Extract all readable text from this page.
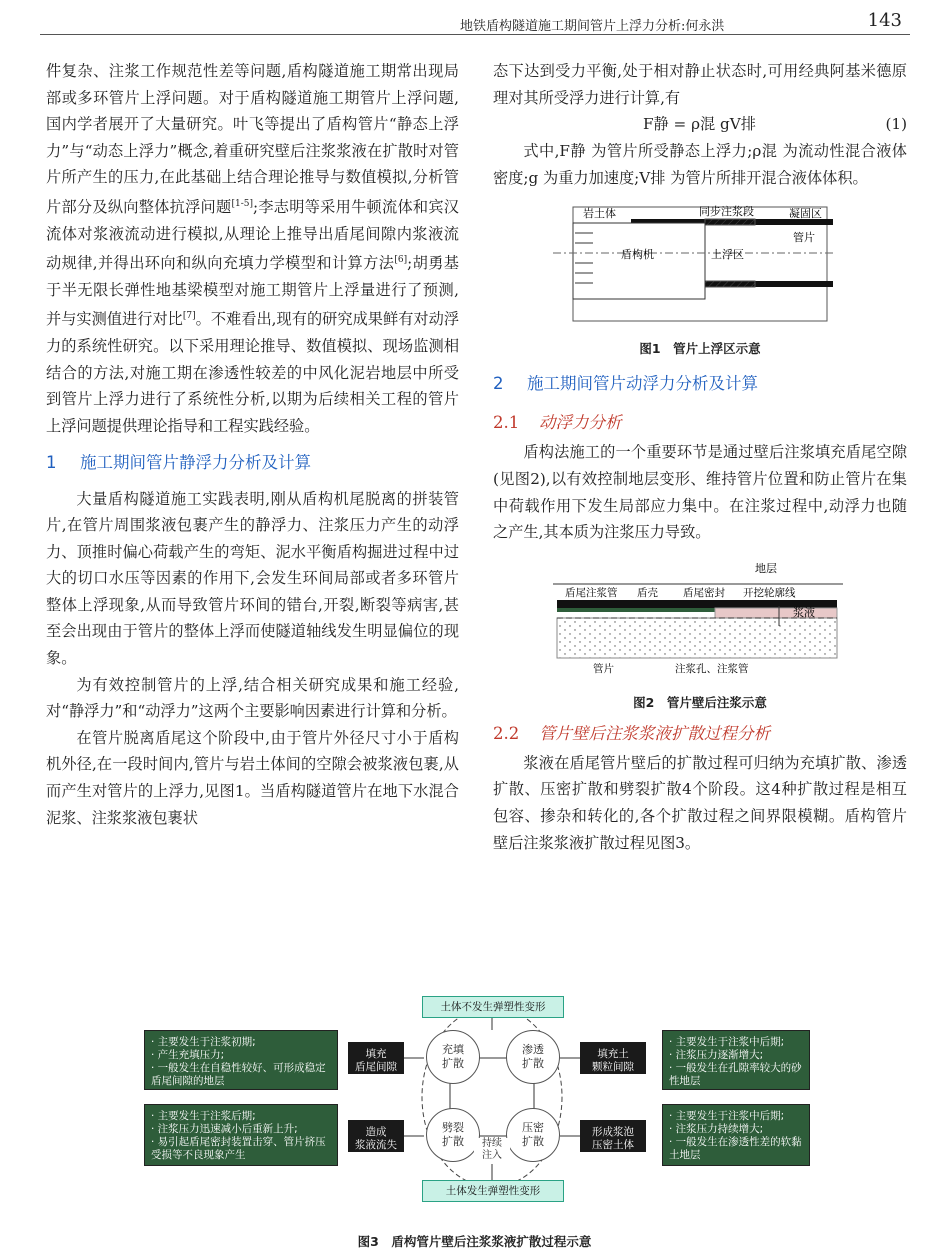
地铁盾构隧道施工期间管片上浮力分析:何永洪	143

件复杂、注浆工作规范性差等问题,盾构隧道施工期常出现局部或多环管片上浮问题。对于盾构隧道施工期管片上浮问题,国内学者展开了大量研究。叶飞等提出了盾构管片“静态上浮力”与“动态上浮力”概念,着重研究壁后注浆浆液在扩散时对管片所产生的压力,在此基础上结合理论推导与数值模拟,分析管片部分及纵向整体抗浮问题[1-5];李志明等采用牛顿流体和宾汉流体对浆液流动进行模拟,从理论上推导出盾尾间隙内浆液流动规律,并得出环向和纵向充填力学模型和计算方法[6];胡勇基于半无限长弹性地基梁模型对施工期管片上浮量进行了预测,并与实测值进行对比[7]。不难看出,现有的研究成果鲜有对动浮力的系统性研究。以下采用理论推导、数值模拟、现场监测相结合的方法,对施工期在渗透性较差的中风化泥岩地层中所受到管片上浮力进行了系统性分析,以期为后续相关工程的管片上浮问题提供理论指导和工程实践经验。

1 施工期间管片静浮力分析及计算

大量盾构隧道施工实践表明,刚从盾构机尾脱离的拼装管片,在管片周围浆液包裹产生的静浮力、注浆压力产生的动浮力、顶推时偏心荷载产生的弯矩、泥水平衡盾构掘进过程中过大的切口水压等因素的作用下,会发生环间局部或者多环管片整体上浮现象,从而导致管片环间的错台,开裂,断裂等病害,甚至会出现由于管片的整体上浮而使隧道轴线发生明显偏位的现象。

为有效控制管片的上浮,结合相关研究成果和施工经验,对“静浮力”和“动浮力”这两个主要影响因素进行计算和分析。

在管片脱离盾尾这个阶段中,由于管片外径尺寸小于盾构机外径,在一段时间内,管片与岩土体间的空隙会被浆液包裹,从而产生对管片的上浮力,见图1。当盾构隧道管片在地下水混合泥浆、注浆浆液包裹状

态下达到受力平衡,处于相对静止状态时,可用经典阿基米德原理对其所受浮力进行计算,有

F静 = ρ混 gV排	(1)

式中,F静 为管片所受静态上浮力;ρ混 为流动性混合液体密度;g 为重力加速度;V排 为管片所排开混合液体体积。

岩土体	同步注浆段	凝固区
管片
盾构机	上浮区
图1　管片上浮区示意
2 施工期间管片动浮力分析及计算
2.1 动浮力分析

盾构法施工的一个重要环节是通过壁后注浆填充盾尾空隙(见图2),以有效控制地层变形、维持管片位置和防止管片在集中荷载作用下发生局部应力集中。在注浆过程中,动浮力也随之产生,其本质为注浆压力导致。

地层
盾尾注浆管 盾壳 盾尾密封 开挖轮廓线
浆液
管片	注浆孔、注浆管
图2　管片壁后注浆示意
2.2 管片壁后注浆浆液扩散过程分析

浆液在盾尾管片壁后的扩散过程可归纳为充填扩散、渗透扩散、压密扩散和劈裂扩散4个阶段。这4种扩散过程是相互包容、掺杂和转化的,各个扩散过程之间界限模糊。盾构管片壁后注浆浆液扩散过程见图3。

土体不发生弹塑性变形
土体发生弹塑性变形
· 主要发生于注浆初期;
· 产生充填压力;
· 一般发生在自稳性较好、可形成稳定盾尾间隙的地层
· 主要发生于注浆中后期;
· 注浆压力逐渐增大;
· 一般发生在孔隙率较大的砂性地层
· 主要发生于注浆后期;
· 注浆压力迅速减小后重新上升;
· 易引起盾尾密封装置击穿、管片挤压受损等不良现象产生
· 主要发生于注浆中后期;
· 注浆压力持续增大;
· 一般发生在渗透性差的软黏土地层
填充
盾尾间隙
填充土
颗粒间隙
造成
浆液流失
形成浆泡
压密土体
充填
扩散
渗透
扩散
劈裂
扩散
压密
扩散
持续
注入
图3　盾构管片壁后注浆浆液扩散过程示意
